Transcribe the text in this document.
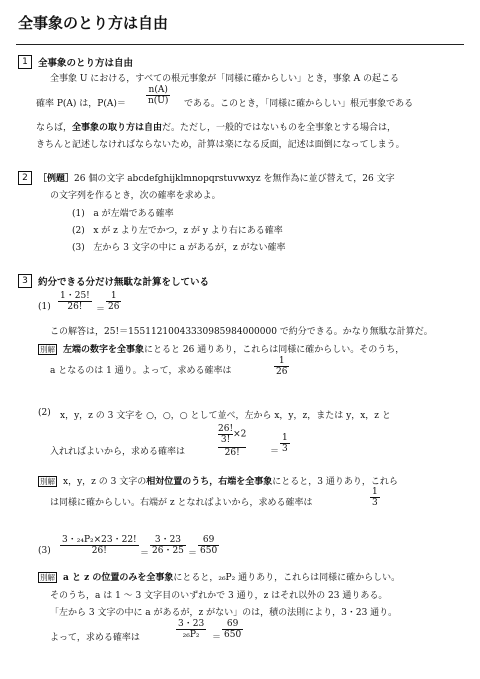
全事象のとり方は自由
1	全事象のとり方は自由
全事象 U における，すべての根元事象が「同様に確からしい」とき，事象 A の起こる
確率 P(A) は，$P(A)= \frac{n(A)}{n(U)}$ である。このとき，「同様に確からしい」根元事象である
ならば，全事象の取り方は自由だ。ただし，一般的ではないものを全事象とする場合は，
きちんと記述しなければならないため，計算は楽になる反面，記述は面倒になってしまう。
2	［例題］26 個の文字 abcdefghijklmnopqrstuvwxyz を無作為に並び替えて，26 文字
の文字列を作るとき，次の確率を求めよ。
(1) a が左端である確率
(2) x が z より左でかつ，z が y より右にある確率
(3) 左から 3 文字の中に a があるが，z がない確率
3	約分できる分だけ無駄な計算をしている
$(1) \frac{1・25!}{26!} = \frac{1}{26}$
この解答は，25!＝15511210043330985984000000 で約分できる。かなり無駄な計算だ。
別解 左端の数字を全事象にとると 26 通りあり，これらは同様に確からしい。そのうち，
a となるのは 1 通り。よって，求める確率は	$\frac{1}{26}$
(2) x，y，z の 3 文字を ○，○，○ として並べ，左から x，y，z，または y，x，z と
入れればよいから，求める確率は
$\frac{26!}{3!} \times 2$
26!	＝ $\frac{1}{3}$
別解 x，y，z の 3 文字の相対位置のうち，右端を全事象にとると，3 通りあり，これら
は同様に確からしい。右端が z となればよいから，求める確率は	$\frac{1}{3}$
$(3) \frac{\text{3・₂₄P₂×23・22!}}{26!} = \frac{3・23}{26・25} = \frac{69}{650}$
別解 a と z の位置のみを全事象にとると，₂₆P₂ 通りあり，これらは同様に確からしい。
そのうち，a は 1 〜 3 文字目のいずれかで 3 通り，z はそれ以外の 23 通りある。
「左から 3 文字の中に a があるが，z がない」のは，積の法則により，3・23 通り。
よって，求める確率は	$\frac{3・23}{\text{₂₆P₂}} = \frac{69}{650}$
